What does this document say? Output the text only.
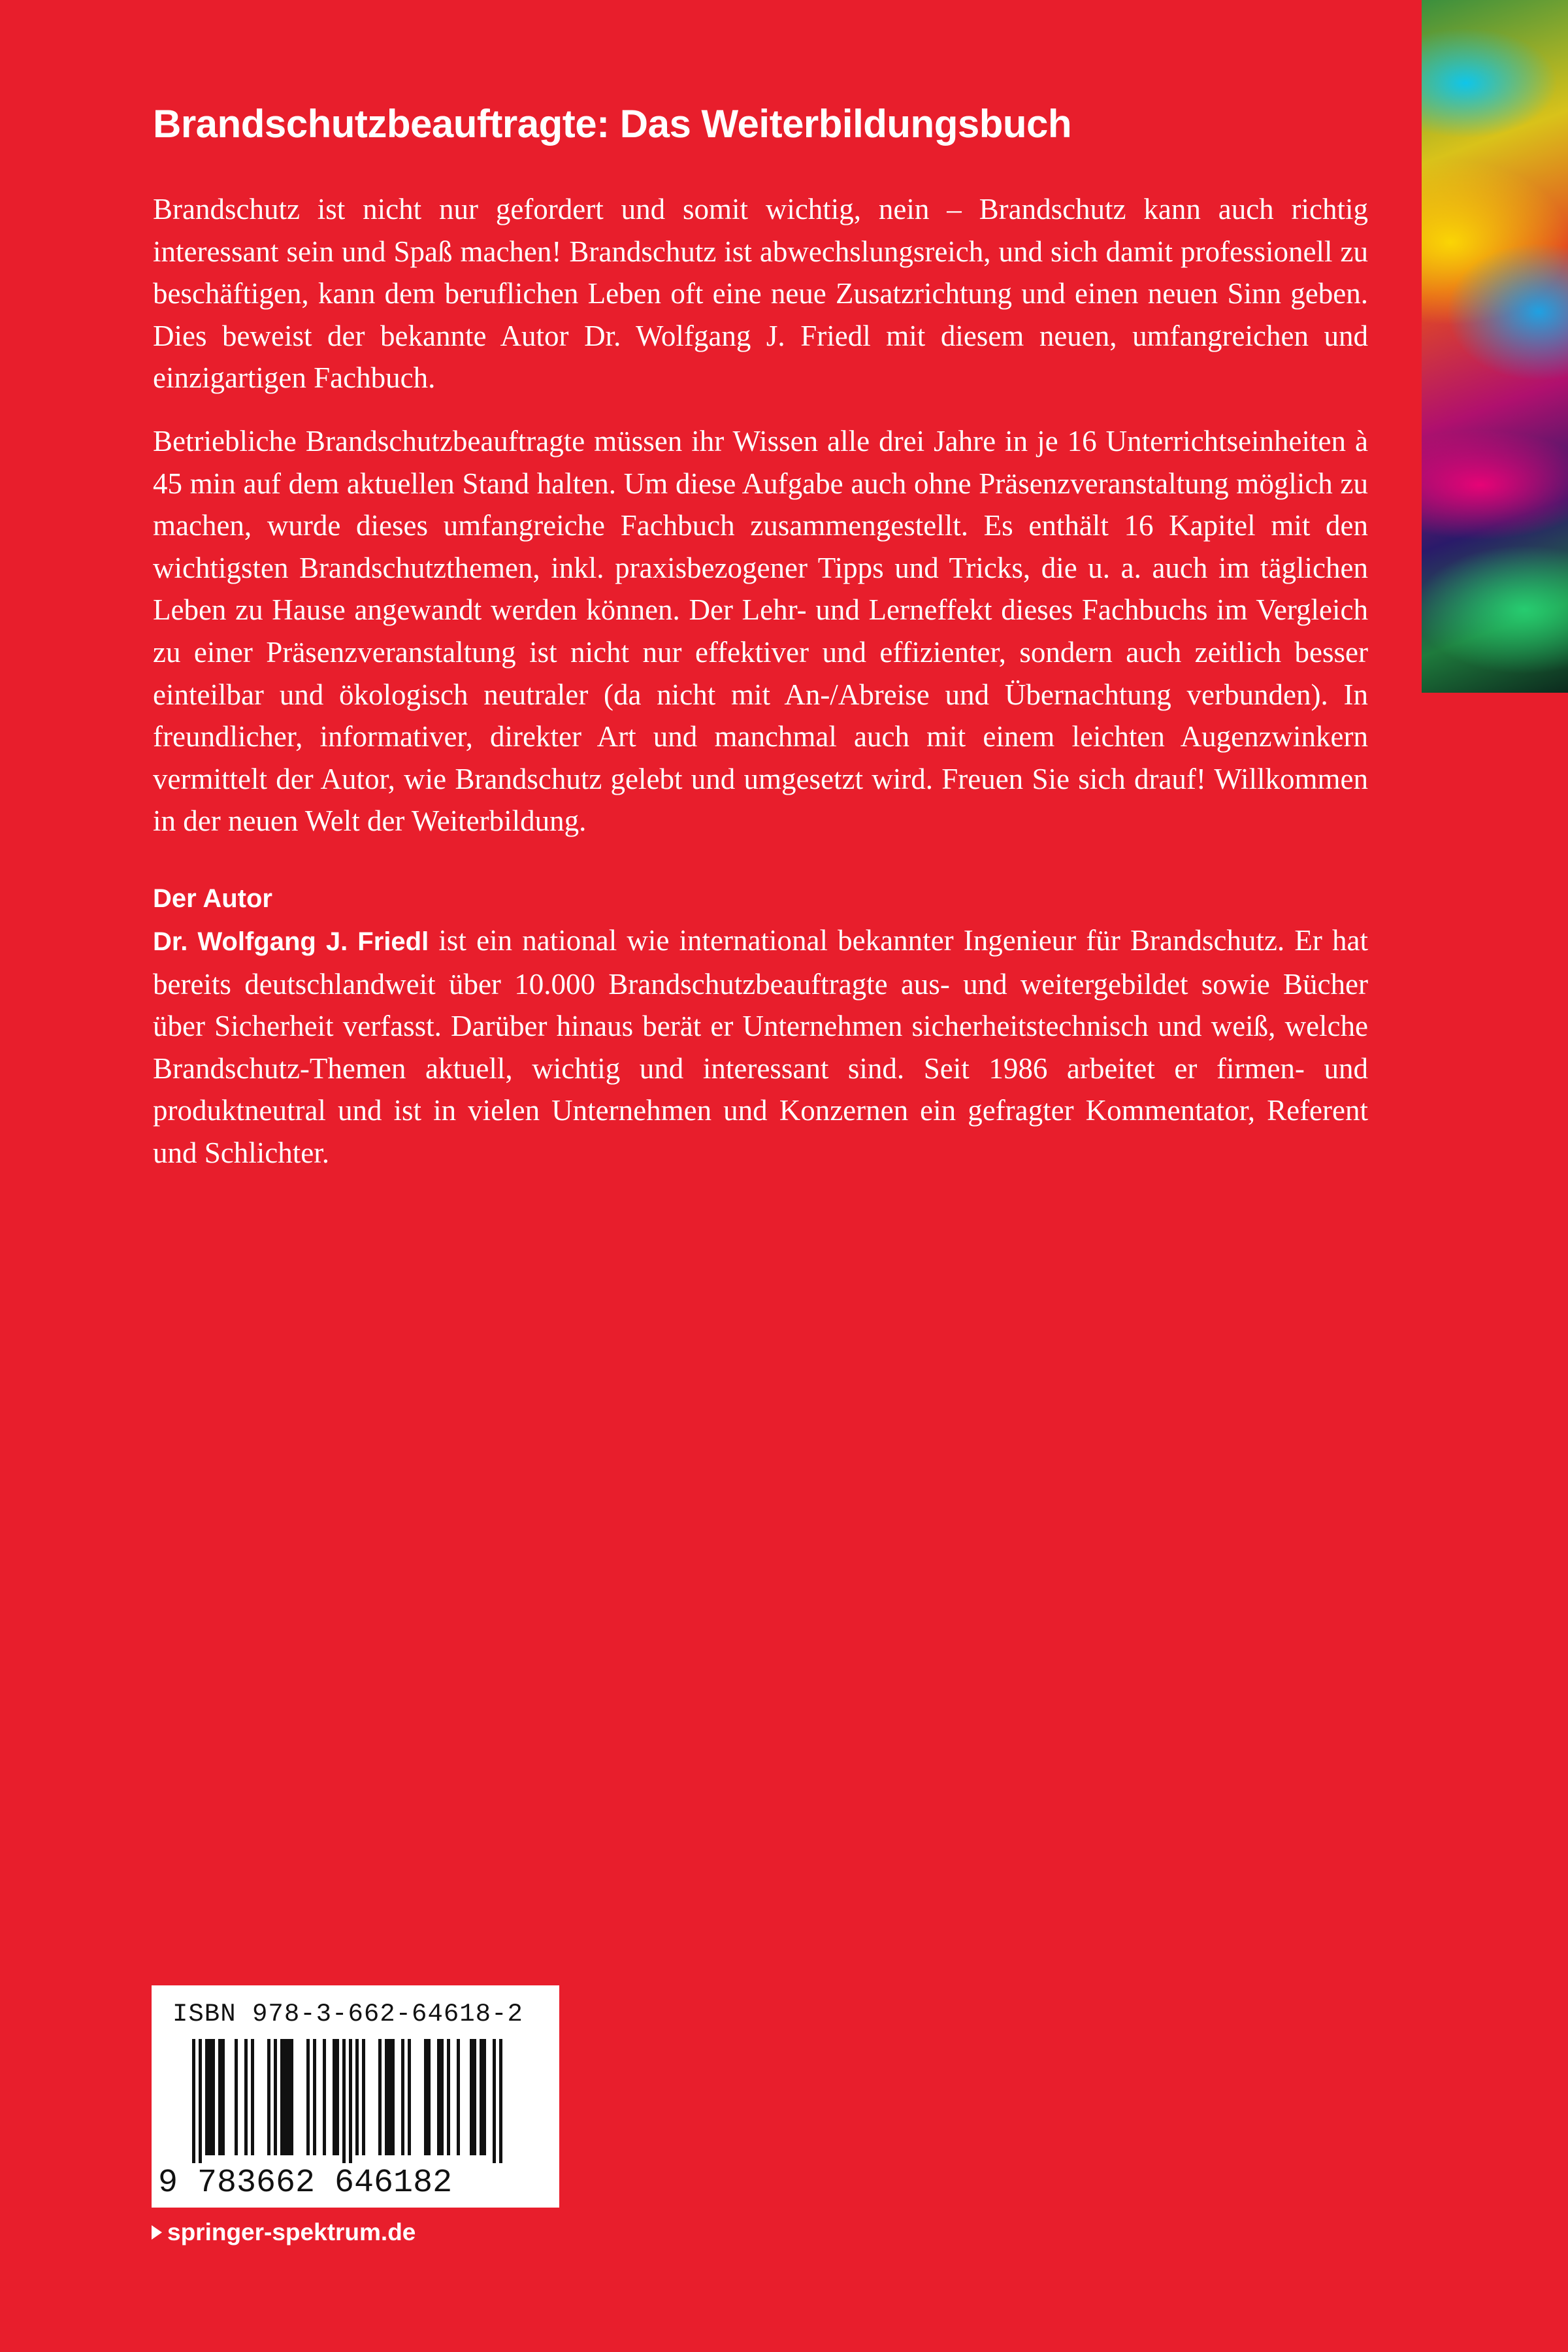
Brandschutzbeauftragte: Das Weiterbildungsbuch

Brandschutz ist nicht nur gefordert und somit wichtig, nein – Brandschutz kann auch richtig interessant sein und Spaß machen! Brandschutz ist abwechslungsreich, und sich damit professionell zu beschäftigen, kann dem beruflichen Leben oft eine neue Zusatzrichtung und einen neuen Sinn geben. Dies beweist der bekannte Autor Dr. Wolfgang J. Friedl mit diesem neuen, umfangreichen und einzigartigen Fachbuch.

Betriebliche Brandschutzbeauftragte müssen ihr Wissen alle drei Jahre in je 16 Unterrichtseinheiten à 45 min auf dem aktuellen Stand halten. Um diese Aufgabe auch ohne Präsenzveranstaltung möglich zu machen, wurde dieses umfangreiche Fachbuch zusammengestellt. Es enthält 16 Kapitel mit den wichtigsten Brandschutzthemen, inkl. praxisbezogener Tipps und Tricks, die u. a. auch im täglichen Leben zu Hause angewandt werden können. Der Lehr- und Lerneffekt dieses Fachbuchs im Vergleich zu einer Präsenzveranstaltung ist nicht nur effektiver und effizienter, sondern auch zeitlich besser einteilbar und ökologisch neutraler (da nicht mit An-/Abreise und Übernachtung verbunden). In freundlicher, informativer, direkter Art und manchmal auch mit einem leichten Augenzwinkern vermittelt der Autor, wie Brandschutz gelebt und umgesetzt wird. Freuen Sie sich drauf! Willkommen in der neuen Welt der Weiterbildung.

Der Autor

Dr. Wolfgang J. Friedl ist ein national wie international bekannter Ingenieur für Brandschutz. Er hat bereits deutschlandweit über 10.000 Brandschutzbeauftragte aus- und weitergebildet sowie Bücher über Sicherheit verfasst. Darüber hinaus berät er Unternehmen sicherheitstechnisch und weiß, welche Brandschutz-Themen aktuell, wichtig und interessant sind. Seit 1986 arbeitet er firmen- und produktneutral und ist in vielen Unternehmen und Konzernen ein gefragter Kommentator, Referent und Schlichter.

ISBN 978-3-662-64618-2
9 783662 646182
springer-spektrum.de
